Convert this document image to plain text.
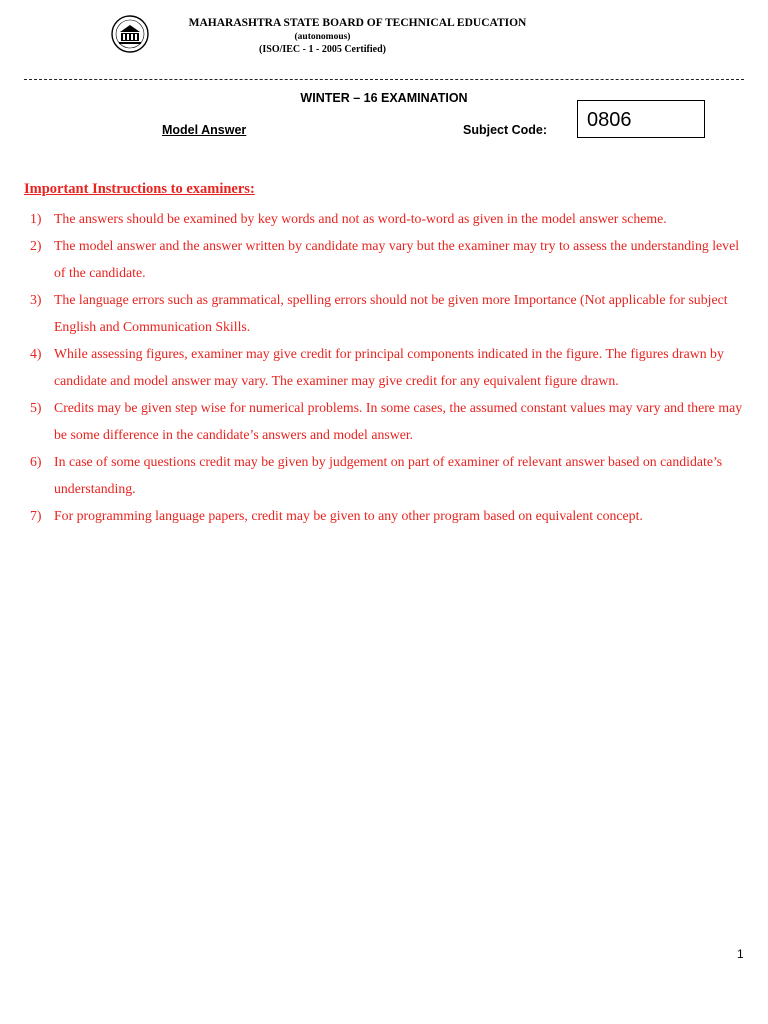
MAHARASHTRA STATE BOARD OF TECHNICAL EDUCATION
(autonomous)
(ISO/IEC - 1 - 2005 Certified)
WINTER – 16 EXAMINATION
Model Answer	Subject Code: 0806
Important Instructions to examiners:
1) The answers should be examined by key words and not as word-to-word as given in the model answer scheme.
2) The model answer and the answer written by candidate may vary but the examiner may try to assess the understanding level of the candidate.
3) The language errors such as grammatical, spelling errors should not be given more Importance (Not applicable for subject English and Communication Skills.
4) While assessing figures, examiner may give credit for principal components indicated in the figure. The figures drawn by candidate and model answer may vary. The examiner may give credit for any equivalent figure drawn.
5) Credits may be given step wise for numerical problems. In some cases, the assumed constant values may vary and there may be some difference in the candidate’s answers and model answer.
6) In case of some questions credit may be given by judgement on part of examiner of relevant answer based on candidate’s understanding.
7) For programming language papers, credit may be given to any other program based on equivalent concept.
1
